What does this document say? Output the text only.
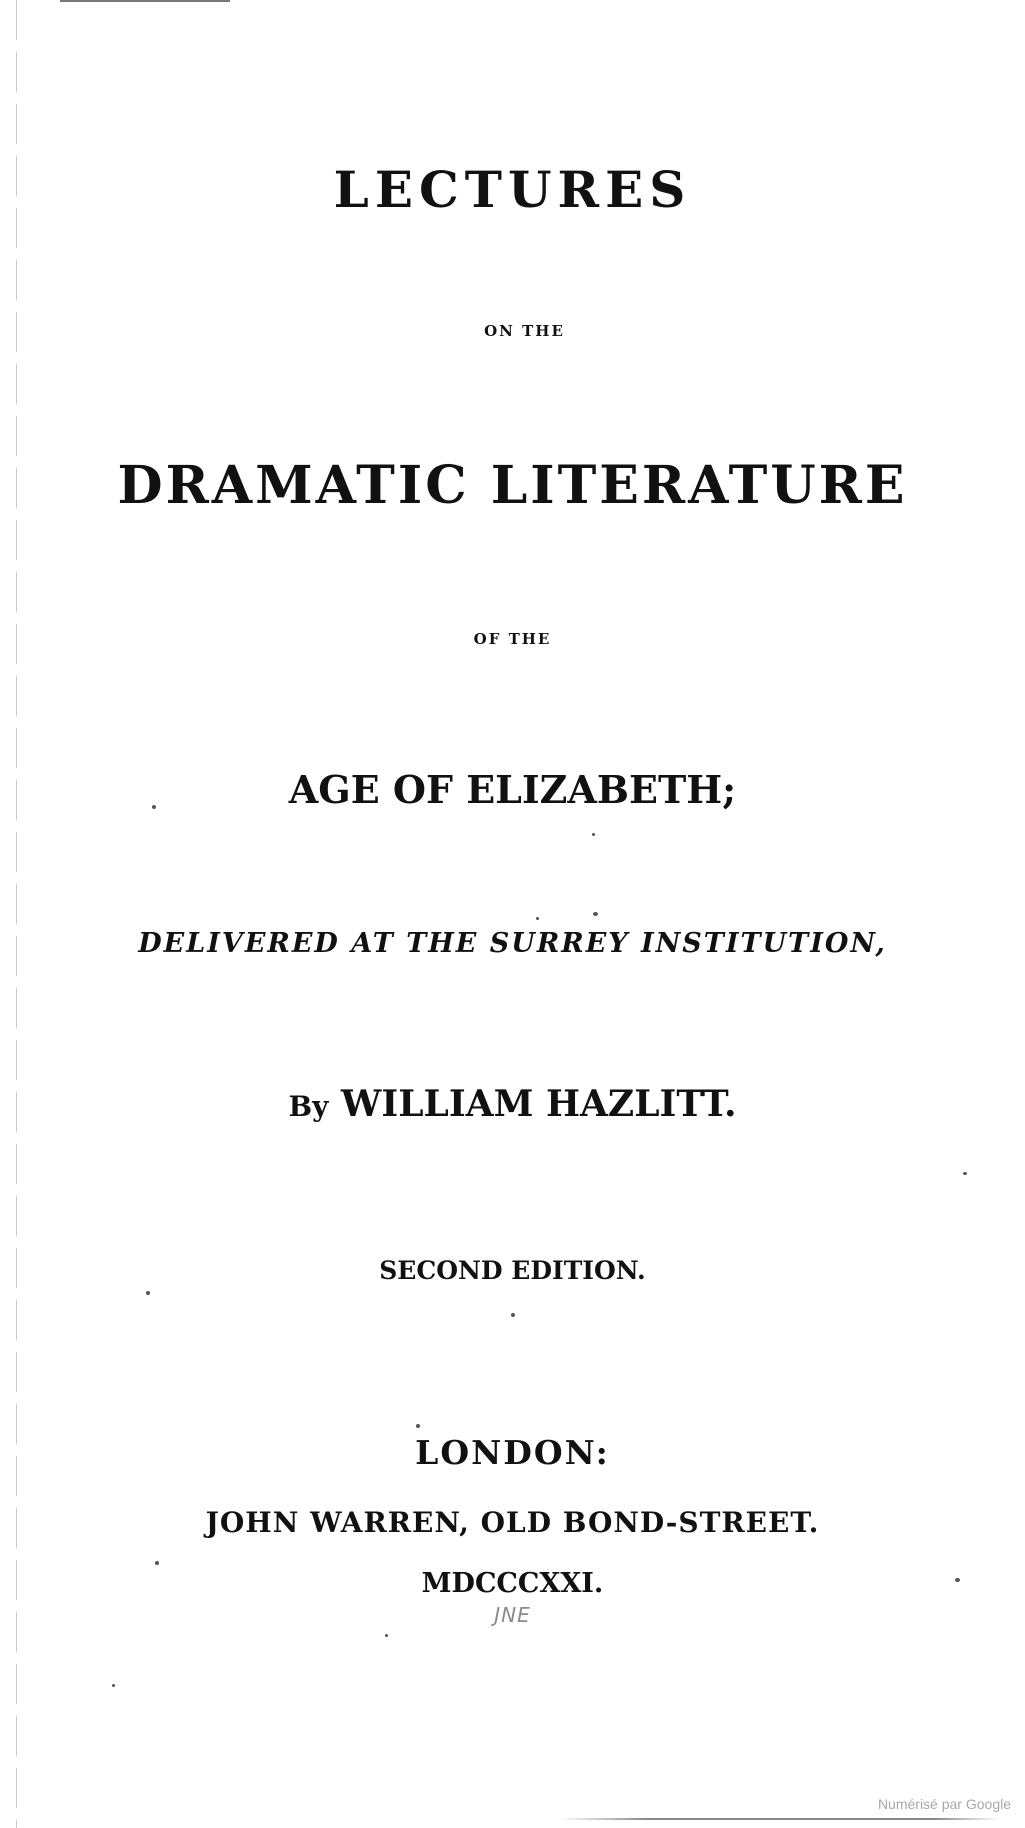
LECTURES
ON THE
DRAMATIC LITERATURE
OF THE
AGE OF ELIZABETH;
DELIVERED AT THE SURREY INSTITUTION,
By WILLIAM HAZLITT.
SECOND EDITION.
LONDON:
JOHN WARREN, OLD BOND-STREET.
MDCCCXXI.
JNE
Numérisé par Google
